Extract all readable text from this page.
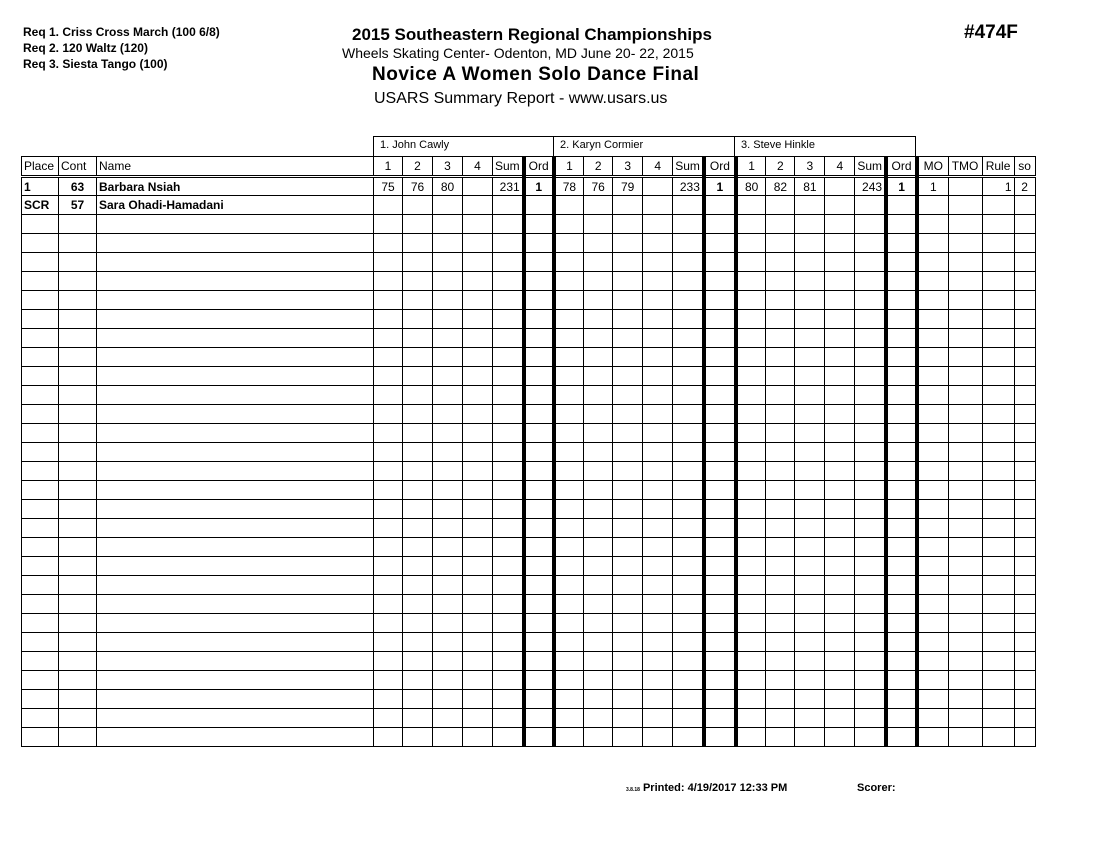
Req 1. Criss Cross March (100 6/8)
Req 2. 120 Waltz (120)
Req 3. Siesta Tango (100)
2015 Southeastern Regional Championships
Wheels Skating Center- Odenton, MD June 20- 22, 2015
Novice A Women Solo Dance Final
USARS Summary Report - www.usars.us
#474F
1. John Cawly	2. Karyn Cormier	3. Steve Hinkle
Place	Cont	Name	1	2	3	4	Sum	Ord	1	2	3	4	Sum	Ord	1	2	3	4	Sum	Ord	MO	TMO	Rule	so
1	63	Barbara Nsiah	75	76	80		231	1	78	76	79		233	1	80	82	81		243	1	1		1	2
SCR	57	Sara Ohadi-Hamadani																						

3.8.18 Printed: 4/19/2017 12:33 PM	Scorer:
